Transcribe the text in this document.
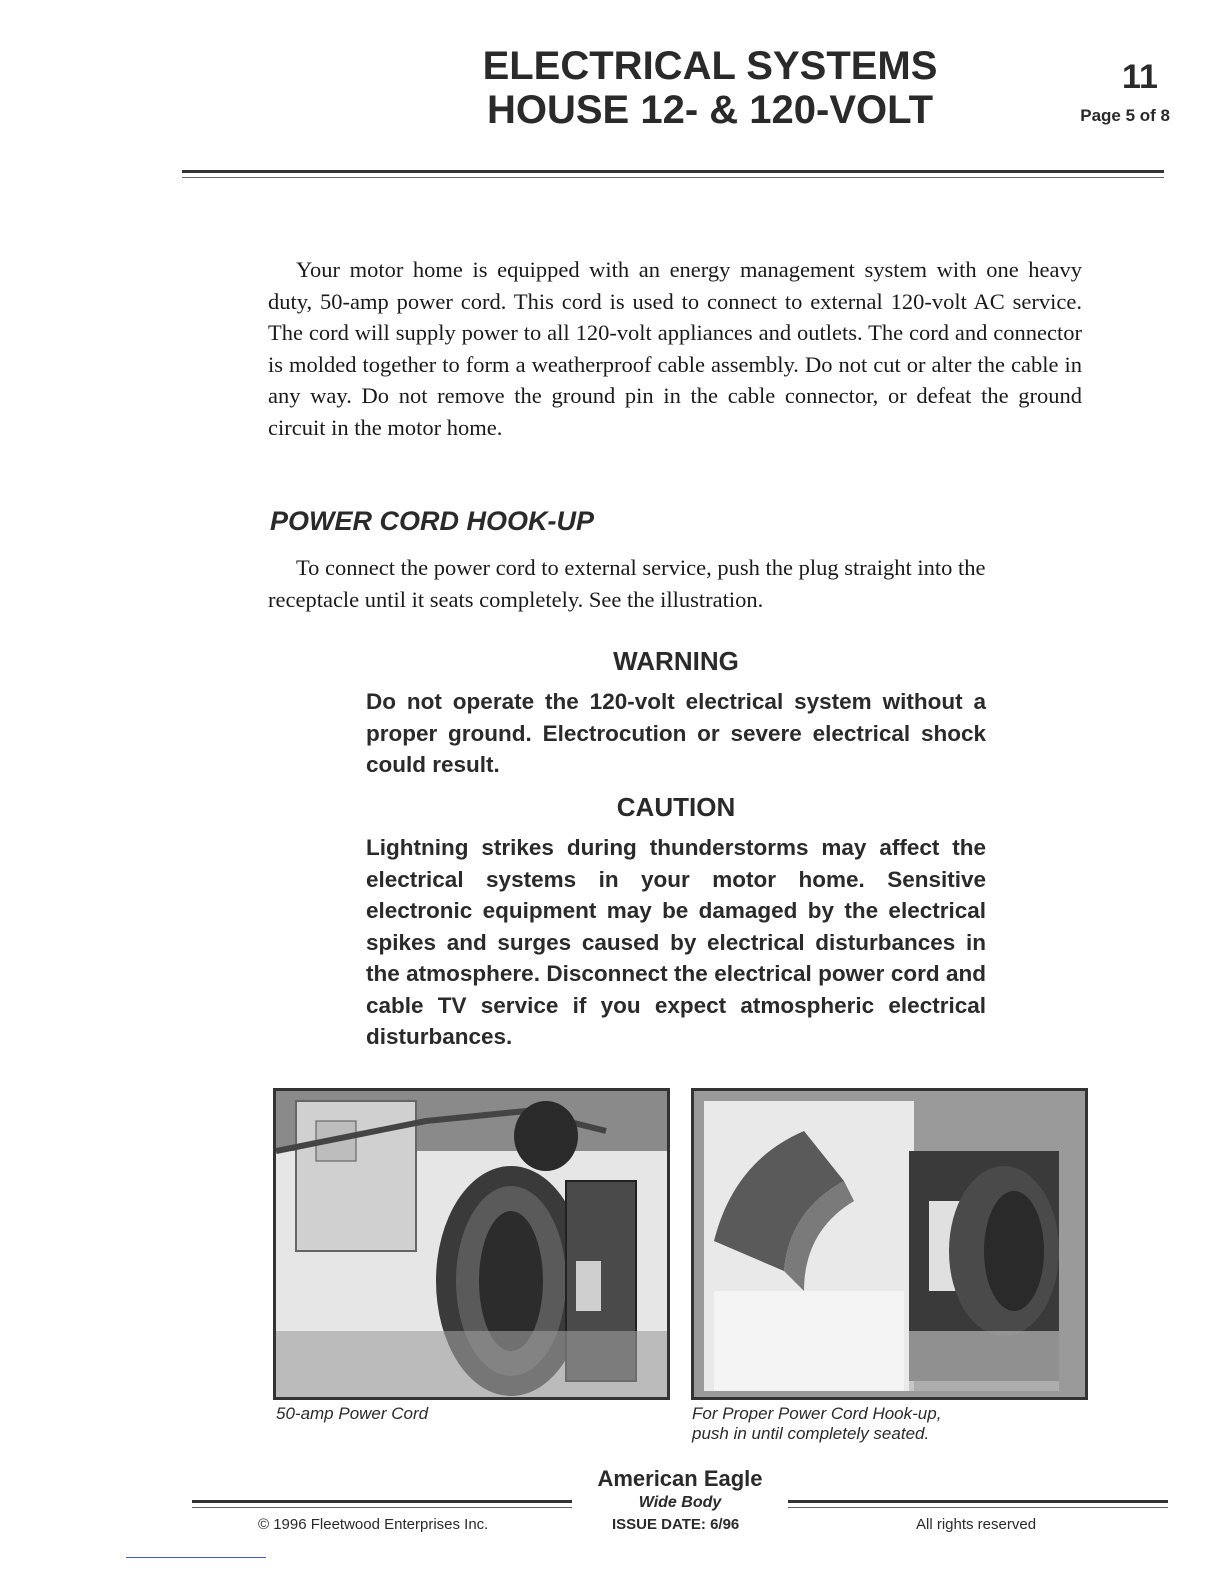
ELECTRICAL SYSTEMS
HOUSE 12- & 120-VOLT
11
Page 5 of 8

Your motor home is equipped with an energy management system with one heavy duty, 50-amp power cord. This cord is used to connect to external 120-volt AC service. The cord will supply power to all 120-volt appliances and outlets. The cord and connector is molded together to form a weatherproof cable assembly. Do not cut or alter the cable in any way. Do not remove the ground pin in the cable connector, or defeat the ground circuit in the motor home.

POWER CORD HOOK-UP

To connect the power cord to external service, push the plug straight into the receptacle until it seats completely. See the illustration.

WARNING

Do not operate the 120-volt electrical system without a proper ground. Electrocution or severe electrical shock could result.

CAUTION

Lightning strikes during thunderstorms may affect the electrical systems in your motor home. Sensitive electronic equipment may be damaged by the electrical spikes and surges caused by electrical disturbances in the atmosphere. Disconnect the electrical power cord and cable TV service if you expect atmospheric electrical disturbances.

50-amp Power Cord	For Proper Power Cord Hook-up,
push in until completely seated.

American Eagle
Wide Body
© 1996 Fleetwood Enterprises Inc.	ISSUE DATE: 6/96	All rights reserved
